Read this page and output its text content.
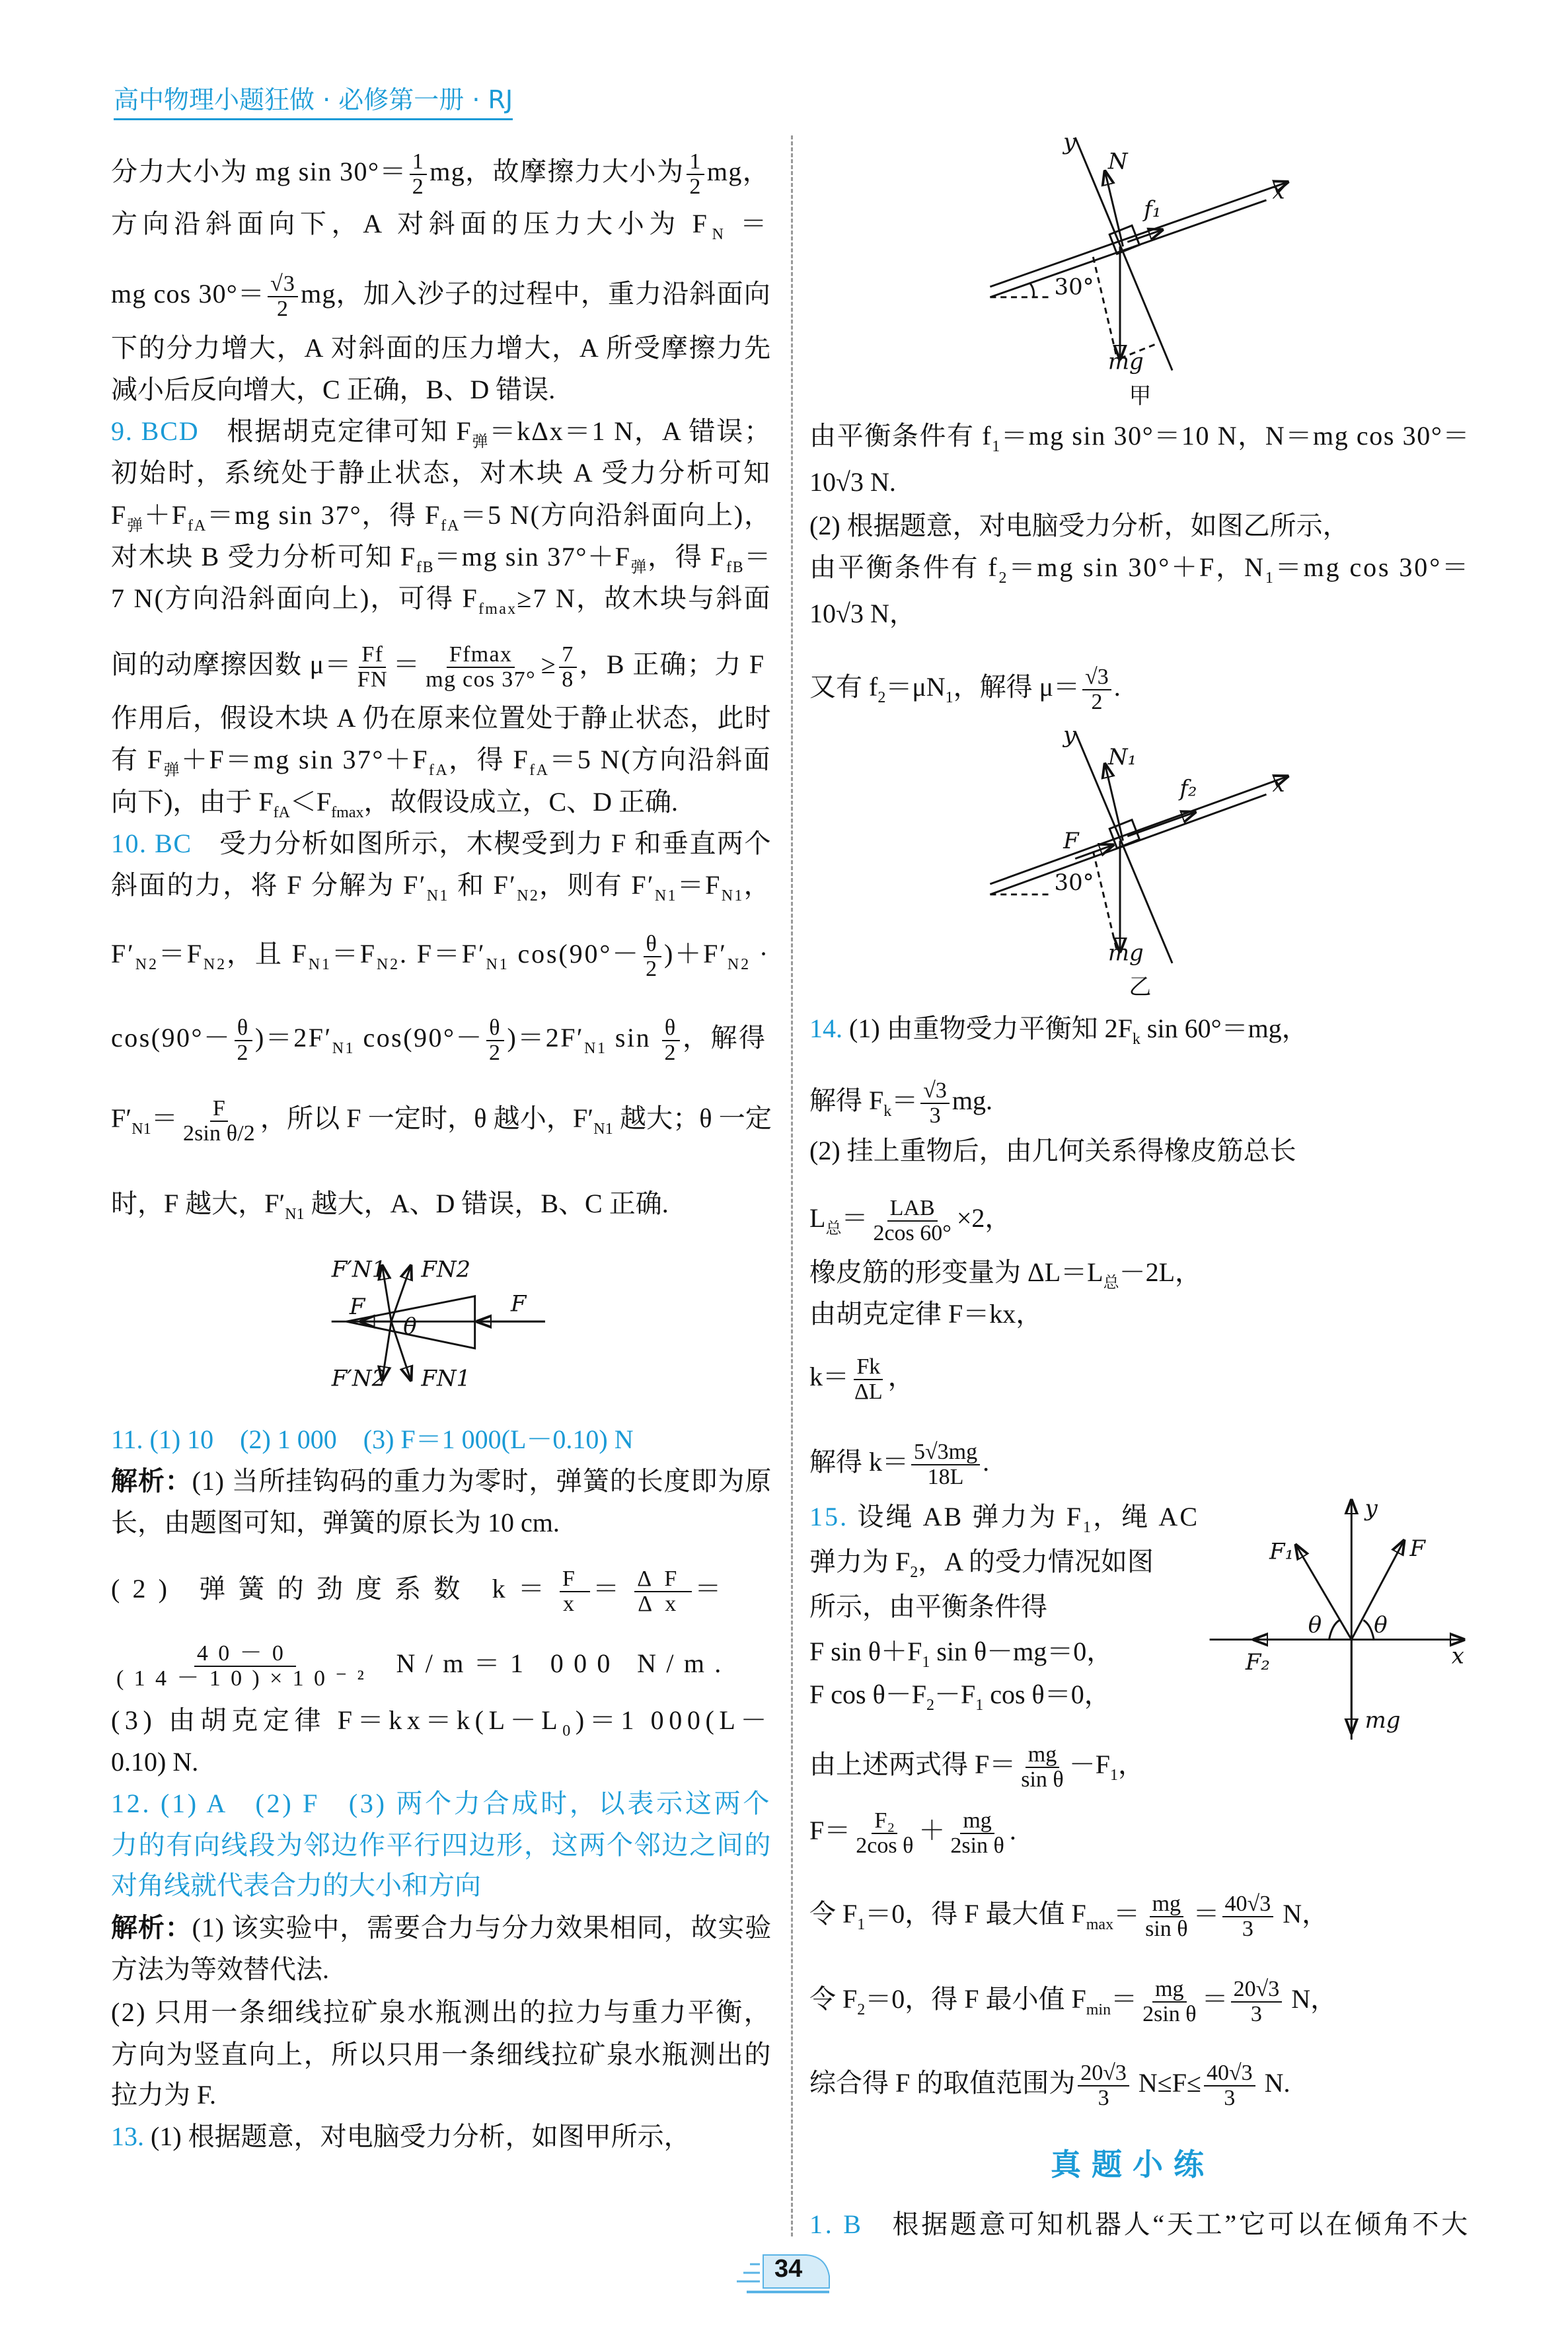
高中物理小题狂做 · 必修第一册 · RJ
分力大小为 mg $\sin 30^\circ= \frac{1}{2}$ mg，故摩擦力大小为 $\frac{1}{2}$ mg，
方向沿斜面向下，A 对斜面的压力大小为 $F_N$ ＝
mg $\cos 30^\circ= \frac{√3}{2}$ mg，加入沙子的过程中，重力沿斜面向
下的分力增大，A 对斜面的压力增大，A 所受摩擦力先
减小后反向增大，C 正确，B、D 错误.
9. BCD　根据胡克定律可知 $F_弹=k\Delta x=1$ N，A 错误；
初始时，系统处于静止状态，对木块 A 受力分析可知
$F_弹+F_{fA}=mg$ sin 37°，得 $F_{fA}=5$ N(方向沿斜面向上)，
对木块 B 受力分析可知 $F_{fB}=mg$ $\sin 37^\circ+F_弹$，得 $F_{fB}=$
7 N(方向沿斜面向上)，可得 $F_{fmax}\ge 7$ N，故木块与斜面
间的动摩擦因数 $\mu= \frac{Ff}{FN} = \frac{Ffmax}{\text{mg cos 37°}} \ge \frac{7}{8}$ ，B 正确；力 F
作用后，假设木块 A 仍在原来位置处于静止状态，此时
有 $F_弹+F=mg$ $\sin 37^\circ+F_{fA}$，得 $F_{fA}=5$ N(方向沿斜面
向下)，由于 $F_{fA}<F_{fmax}$，故假设成立，C、D 正确.
10. BC　受力分析如图所示，木楔受到力 F 和垂直两个
斜面的力，将 F 分解为 $F'_{N1}$ 和 $F'_{N2}$，则有 $F'_{N1}=F_{N1}$，
$F'_{N2}=F_{N2}$，且 $F_{N1}=F_{N2}$. $F=F'_{N1}$ $\cos(90^\circ- \frac{\theta}{2} )+F'_{N2}$ ·
$\cos(90^\circ- \frac{\theta}{2} )=2F'_{N1}$ $\cos(90^\circ- \frac{\theta}{2} )=2F'_{N1}$ $\sin \frac{\theta}{2}$ ，解得
$F'_{N1}= \frac{F}{\text{2sin θ/2}}$ ，所以 F 一定时，θ 越小，$F'_{N1}$ 越大；θ 一定
时，F 越大，$F'_{N1}$ 越大，A、D 错误，B、C 正确.
11. (1) 10　(2) 1 000　(3) F＝1 000(L－0.10) N
解析：(1) 当所挂钩码的重力为零时，弹簧的长度即为原
长，由题图可知，弹簧的原长为 10 cm.
(2) 弹簧的劲度系数 $k= \frac{F}{x} = \frac{\Delta F}{\Delta x}$ ＝
$\frac{40-0}{\text{(14－10)×10⁻²}} N/m=1$ 000 N/m.
(3) 由胡克定律 $F=kx=k(L-L_0)=1$ 000(L－
0.10) N.
12. (1) A　(2) F　(3) 两个力合成时，以表示这两个
力的有向线段为邻边作平行四边形，这两个邻边之间的
对角线就代表合力的大小和方向
解析：(1) 该实验中，需要合力与分力效果相同，故实验
方法为等效替代法.
(2) 只用一条细线拉矿泉水瓶测出的拉力与重力平衡，
方向为竖直向上，所以只用一条细线拉矿泉水瓶测出的
拉力为 F.
13. (1) 根据题意，对电脑受力分析，如图甲所示，
由平衡条件有 $f_1=mg$ sin 30°＝10 N，N＝mg cos 30°＝
10√3 N.
(2) 根据题意，对电脑受力分析，如图乙所示，
由平衡条件有 $f_2=mg$ sin 30°＋F，$N_1=mg$ cos 30°＝
10√3 N，
又有 $f_2=\mu N_1$，解得 $\mu= \frac{√3}{2}$ .
14. (1) 由重物受力平衡知 $2F_k$ sin 60°＝mg，
解得 $F_k= \frac{√3}{3}$ mg.
(2) 挂上重物后，由几何关系得橡皮筋总长
$L_总= \frac{\text{LAB}}{2\cos 60^\circ} \times 2$，
橡皮筋的形变量为 $\Delta L=L_总-2L$，
由胡克定律 F＝kx，
$k= \frac{Fk}{\Delta L}$ ，
解得 $k= \frac{5√3mg}{18L}$ .
15. 设绳 AB 弹力为 $F_1$，绳 AC
弹力为 $F_2$，A 的受力情况如图
所示，由平衡条件得
F $\sin \theta+F_1$ sin θ－mg＝0，
F $\cos \theta-F_2-F_1$ cos θ＝0，
由上述两式得 $F= \frac{mg}{\text{sin θ}} -F_1$，
$F= \frac{\text{F₂}}{\text{2cos θ}} + \frac{mg}{\text{2sin θ}}$ .
令 $F_1=0$，得 F 最大值 $F_{max}= \frac{mg}{\text{sin θ}} = \frac{40√3}{3}$ N，
令 $F_2=0$，得 F 最小值 $F_{min}= \frac{mg}{\text{2sin θ}} = \frac{20√3}{3}$ N，
综合得 F 的取值范围为 $\frac{20√3}{3} N\le F\le \frac{40√3}{3} N$.
1. B　根据题意可知机器人“天工”它可以在倾角不大
真题小练
34
y
N
f₁
x
30°
mg
甲
y
N₁
f₂	x
F
30°
mg
乙
F′N1	FN2
F
θ
F
F′N2	FN1
y
F₁	F
θ	θ
F₂	x
mg
